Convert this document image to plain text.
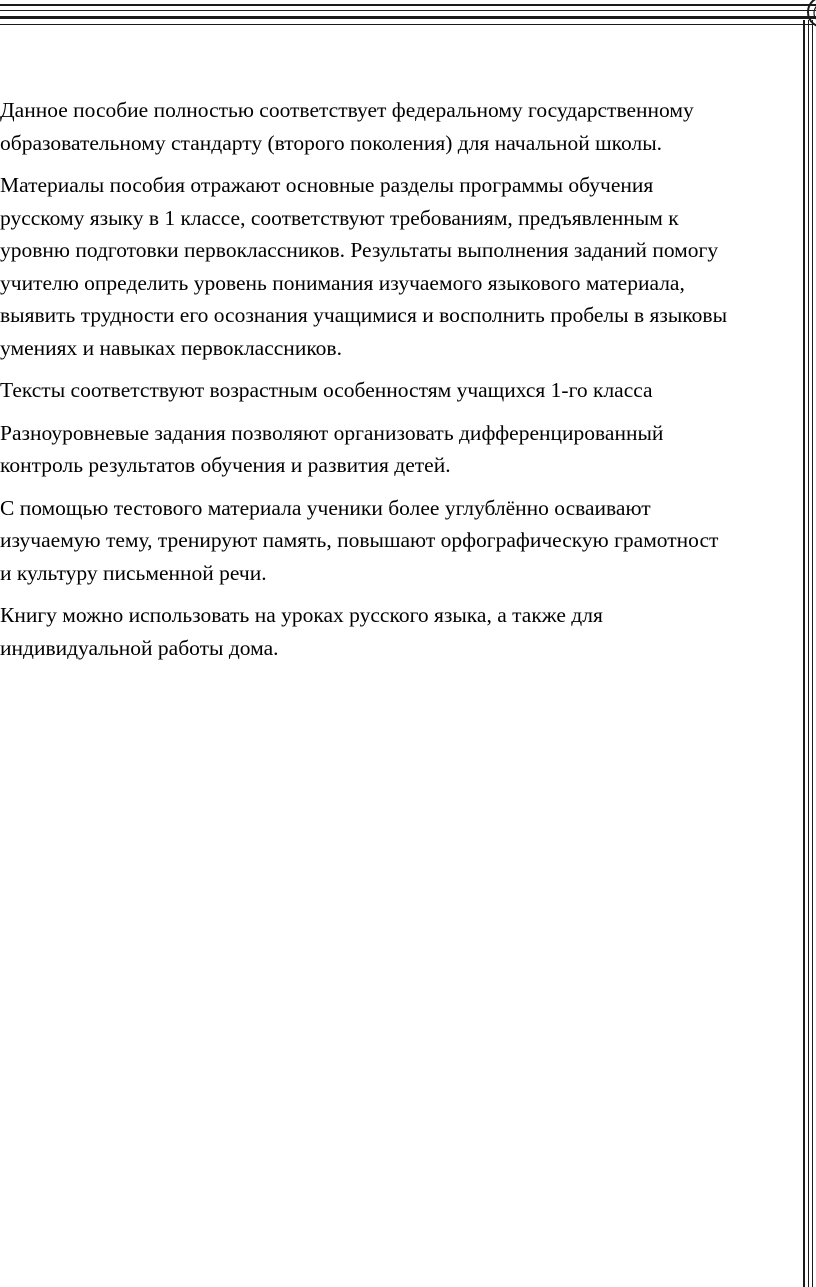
Данное пособие полностью соответствует федеральному государственному
образовательному стандарту (второго поколения) для начальной школы.

Материалы пособия отражают основные разделы программы обучения
русскому языку в 1 классе, соответствуют требованиям, предъявленным к
уровню подготовки первоклассников. Результаты выполнения заданий помогу
учителю определить уровень понимания изучаемого языкового материала,
выявить трудности его осознания учащимися и восполнить пробелы в языковы
умениях и навыках первоклассников.

Тексты соответствуют возрастным особенностям учащихся 1-го класса

Разноуровневые задания позволяют организовать дифференцированный
контроль результатов обучения и развития детей.

С помощью тестового материала ученики более углублённо осваивают
изучаемую тему, тренируют память, повышают орфографическую грамотност
и культуру письменной речи.

Книгу можно использовать на уроках русского языка, а также для
индивидуальной работы дома.
